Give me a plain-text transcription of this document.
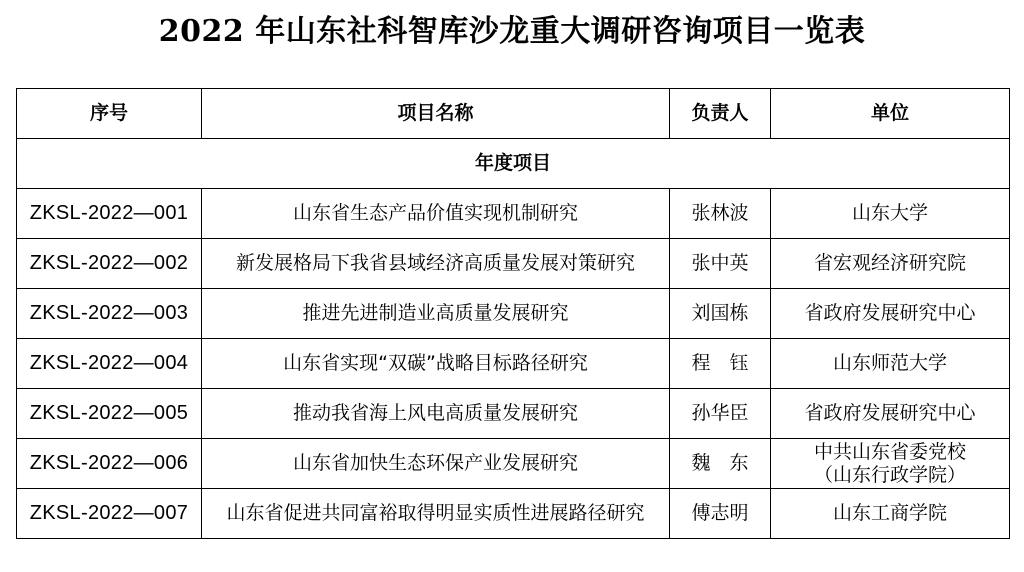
2022 年山东社科智库沙龙重大调研咨询项目一览表
序号	项目名称	负责人	单位
年度项目			
ZKSL-2022—001	山东省生态产品价值实现机制研究	张林波	山东大学
ZKSL-2022—002	新发展格局下我省县域经济高质量发展对策研究	张中英	省宏观经济研究院
ZKSL-2022—003	推进先进制造业高质量发展研究	刘国栋	省政府发展研究中心
ZKSL-2022—004	山东省实现“双碳”战略目标路径研究	程　钰	山东师范大学
ZKSL-2022—005	推动我省海上风电高质量发展研究	孙华臣	省政府发展研究中心
ZKSL-2022—006	山东省加快生态环保产业发展研究	魏　东	中共山东省委党校
（山东行政学院）
ZKSL-2022—007	山东省促进共同富裕取得明显实质性进展路径研究	傅志明	山东工商学院
